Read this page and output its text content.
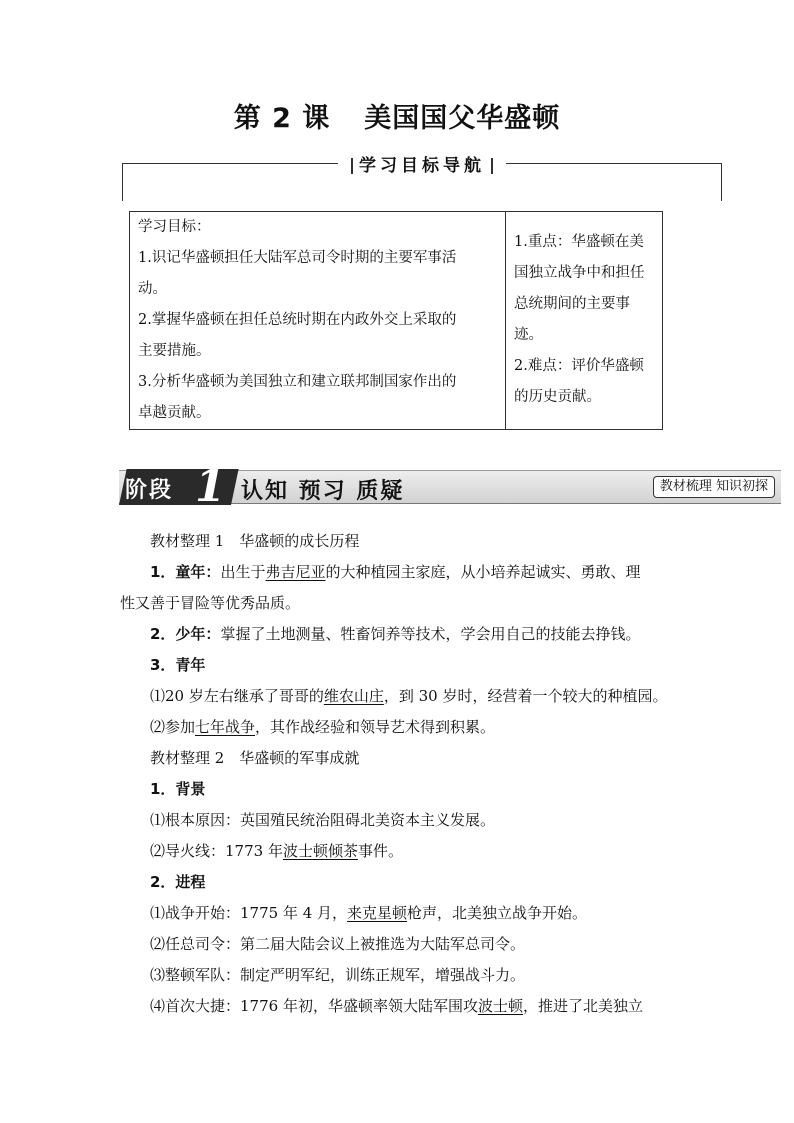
第 2 课 美国国父华盛顿
学习目标导航

学习目标：

1.识记华盛顿担任大陆军总司令时期的主要军事活

动。

2.掌握华盛顿在担任总统时期在内政外交上采取的

主要措施。

3.分析华盛顿为美国独立和建立联邦制国家作出的

卓越贡献。

1.重点：华盛顿在美

国独立战争中和担任

总统期间的主要事

迹。

2.难点：评价华盛顿

的历史贡献。

阶段 1 认知 预习 质疑	教材梳理 知识初探

教材整理 1　华盛顿的成长历程

1．童年：出生于弗吉尼亚的大种植园主家庭，从小培养起诚实、勇敢、理

性又善于冒险等优秀品质。

2．少年：掌握了土地测量、牲畜饲养等技术，学会用自己的技能去挣钱。

3．青年

⑴20 岁左右继承了哥哥的维农山庄，到 30 岁时，经营着一个较大的种植园。

⑵参加七年战争，其作战经验和领导艺术得到积累。

教材整理 2　华盛顿的军事成就

1．背景

⑴根本原因：英国殖民统治阻碍北美资本主义发展。

⑵导火线：1773 年波士顿倾茶事件。

2．进程

⑴战争开始：1775 年 4 月，来克星顿枪声，北美独立战争开始。

⑵任总司令：第二届大陆会议上被推选为大陆军总司令。

⑶整顿军队：制定严明军纪，训练正规军，增强战斗力。

⑷首次大捷：1776 年初，华盛顿率领大陆军围攻波士顿，推进了北美独立
